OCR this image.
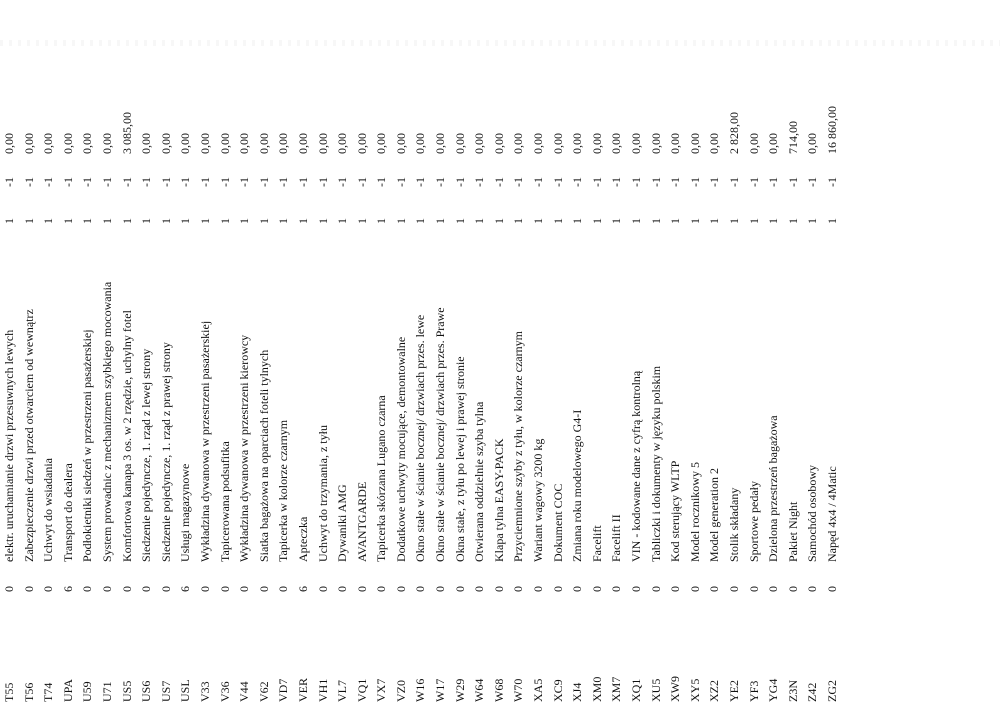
T55
0
elektr. uruchamianie drzwi przesuwnych lewych
1
-1
0,00
T56
0
Zabezpieczenie drzwi przed otwarciem od wewnątrz
1
-1
0,00
T74
0
Uchwyt do wsiadania
1
-1
0,00
UPA
6
Transport do dealera
1
-1
0,00
U59
0
Podłokietniki siedzeń w przestrzeni pasażerskiej
1
-1
0,00
U71
0
System prowadnic z mechanizmem szybkiego mocowania
1
-1
0,00
US5
0
Komfortowa kanapa 3 os. w 2 rzędzie, uchylny fotel
1
-1
3 085,00
US6
0
Siedzenie pojedyncze, 1. rząd z lewej strony
1
-1
0,00
US7
0
Siedzenie pojedyncze, 1. rząd z prawej strony
1
-1
0,00
USL
6
Usługi magazynowe
1
-1
0,00
V33
0
Wykładzina dywanowa w przestrzeni pasażerskiej
1
-1
0,00
V36
0
Tapicerowana podsufitka
1
-1
0,00
V44
0
Wykładzina dywanowa w przestrzeni kierowcy
1
-1
0,00
V62
0
Siatka bagażowa na oparciach foteli tylnych
1
-1
0,00
VD7
0
Tapicerka w kolorze czarnym
1
-1
0,00
VER
6
Apteczka
1
-1
0,00
VH1
0
Uchwyt do trzymania, z tyłu
1
-1
0,00
VL7
0
Dywaniki AMG
1
-1
0,00
VQ1
0
AVANTGARDE
1
-1
0,00
VX7
0
Tapicerka skórzana Lugano czarna
1
-1
0,00
VZ0
0
Dodatkowe uchwyty mocujące, demontowalne
1
-1
0,00
W16
0
Okno stałe w ścianie bocznej/ drzwiach przes. lewe
1
-1
0,00
W17
0
Okno stałe w ścianie bocznej/ drzwiach przes. Prawe
1
-1
0,00
W29
0
Okna stałe, z tyłu po lewej i prawej stronie
1
-1
0,00
W64
0
Otwierana oddzielnie szyba tylna
1
-1
0,00
W68
0
Klapa tylna EASY-PACK
1
-1
0,00
W70
0
Przyciemnione szyby z tyłu, w kolorze czarnym
1
-1
0,00
XA5
0
Wariant wagowy 3200 kg
1
-1
0,00
XC9
0
Dokument COC
1
-1
0,00
XJ4
0
Zmiana roku modelowego G4-I
1
-1
0,00
XM0
0
Facelift
1
-1
0,00
XM7
0
Facelift II
1
-1
0,00
XQ1
0
VIN - kodowane dane z cyfrą kontrolną
1
-1
0,00
XU5
0
Tabliczki i dokumenty w języku polskim
1
-1
0,00
XW9
0
Kod sterujący WLTP
1
-1
0,00
XY5
0
Model rocznikowy 5
1
-1
0,00
XZ2
0
Model generation 2
1
-1
0,00
YE2
0
Stolik składany
1
-1
2 828,00
YF3
0
Sportowe pedały
1
-1
0,00
YG4
0
Dzielona przestrzeń bagażowa
1
-1
0,00
Z3N
0
Pakiet Night
1
-1
714,00
Z42
0
Samochód osobowy
1
-1
0,00
ZG2
0
Napęd 4x4 / 4Matic
1
-1
16 860,00
